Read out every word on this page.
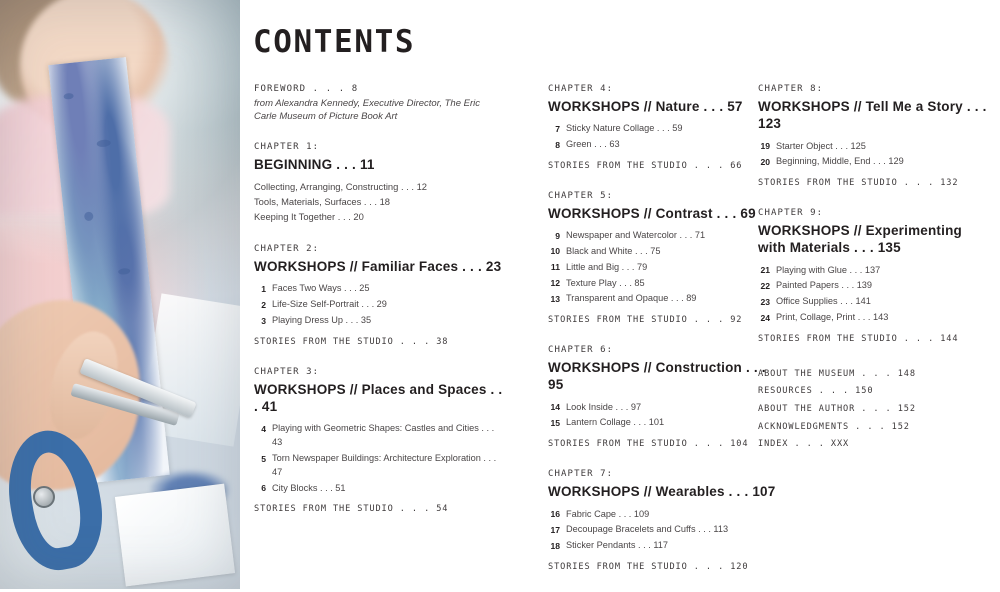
CONTENTS
FOREWORD . . . 8
from Alexandra Kennedy, Executive Director, The Eric Carle Museum of Picture Book Art
CHAPTER 1:
BEGINNING . . . 11
Collecting, Arranging, Constructing . . . 12
Tools, Materials, Surfaces . . . 18
Keeping It Together . . . 20
CHAPTER 2:
WORKSHOPS // Familiar Faces . . . 23
1 Faces Two Ways . . . 25
2 Life-Size Self-Portrait . . . 29
3 Playing Dress Up . . . 35
STORIES FROM THE STUDIO . . . 38
CHAPTER 3:
WORKSHOPS // Places and Spaces . . . 41
4 Playing with Geometric Shapes: Castles and Cities . . . 43
5 Torn Newspaper Buildings: Architecture Exploration . . . 47
6 City Blocks . . . 51
STORIES FROM THE STUDIO . . . 54
CHAPTER 4:
WORKSHOPS // Nature . . . 57
7 Sticky Nature Collage . . . 59
8 Green . . . 63
STORIES FROM THE STUDIO . . . 66
CHAPTER 5:
WORKSHOPS // Contrast . . . 69
9 Newspaper and Watercolor . . . 71
10 Black and White . . . 75
11 Little and Big . . . 79
12 Texture Play . . . 85
13 Transparent and Opaque . . . 89
STORIES FROM THE STUDIO . . . 92
CHAPTER 6:
WORKSHOPS // Construction . . . 95
14 Look Inside . . . 97
15 Lantern Collage . . . 101
STORIES FROM THE STUDIO . . . 104
CHAPTER 7:
WORKSHOPS // Wearables . . . 107
16 Fabric Cape . . . 109
17 Decoupage Bracelets and Cuffs . . . 113
18 Sticker Pendants . . . 117
STORIES FROM THE STUDIO . . . 120
CHAPTER 8:
WORKSHOPS // Tell Me a Story . . . 123
19 Starter Object . . . 125
20 Beginning, Middle, End . . . 129
STORIES FROM THE STUDIO . . . 132
CHAPTER 9:
WORKSHOPS // Experimenting with Materials . . . 135
21 Playing with Glue . . . 137
22 Painted Papers . . . 139
23 Office Supplies . . . 141
24 Print, Collage, Print . . . 143
STORIES FROM THE STUDIO . . . 144
ABOUT THE MUSEUM . . . 148
RESOURCES . . . 150
ABOUT THE AUTHOR . . . 152
ACKNOWLEDGMENTS . . . 152
INDEX . . . XXX
